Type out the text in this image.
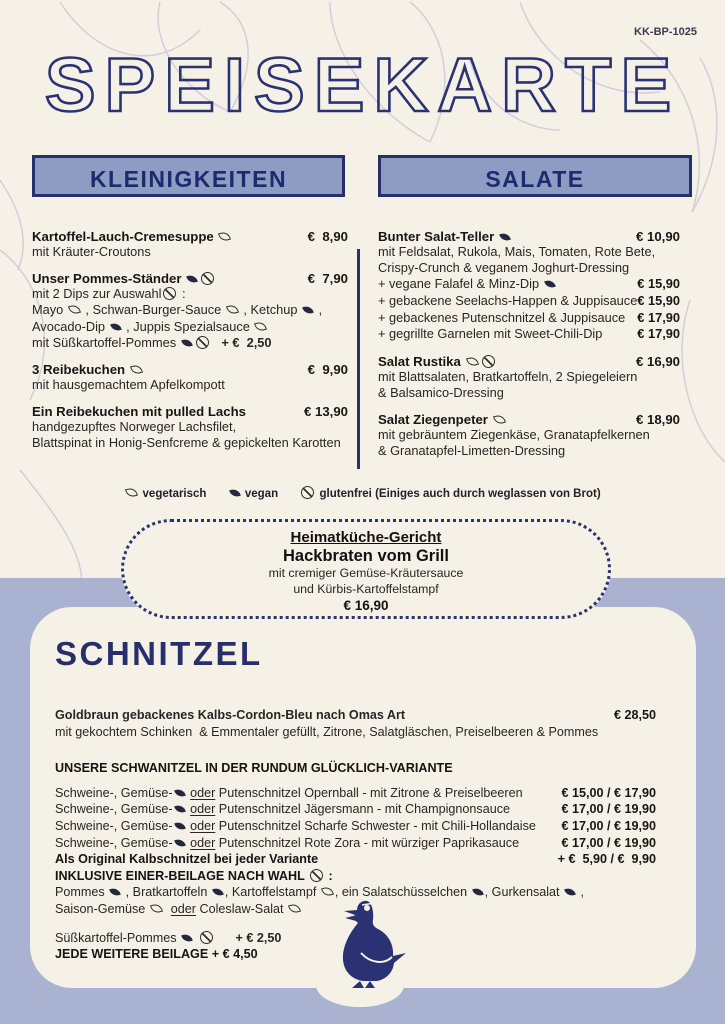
KK-BP-1025
SPEISEKARTE
KLEINIGKEITEN	SALATE
Kartoffel-Lauch-Cremesuppe	€  8,90
mit Kräuter-Croutons
Unser Pommes-Ständer	€  7,90
mit 2 Dips zur Auswahl :
Mayo  , Schwan-Burger-Sauce  , Ketchup  ,
Avocado-Dip  , Juppis Spezialsauce
mit Süßkartoffel-Pommes	+ €  2,50
3 Reibekuchen	€  9,90
mit hausgemachtem Apfelkompott
Ein Reibekuchen mit pulled Lachs	€ 13,90
handgezupftes Norweger Lachsfilet,
Blattspinat in Honig-Senfcreme & gepickelten Karotten
Bunter Salat-Teller	€ 10,90
mit Feldsalat, Rukola, Mais, Tomaten, Rote Bete,
Crispy-Crunch & veganem Joghurt-Dressing
+ vegane Falafel & Minz-Dip	€ 15,90
+ gebackene Seelachs-Happen & Juppisauce € 15,90
+ gebackenes Putenschnitzel & Juppisauce € 17,90
+ gegrillte Garnelen mit Sweet-Chili-Dip	€ 17,90
Salat Rustika	€ 16,90
mit Blattsalaten, Bratkartoffeln, 2 Spiegeleiern
& Balsamico-Dressing
Salat Ziegenpeter	€ 18,90
mit gebräuntem Ziegenkäse, Granatapfelkernen
& Granatapfel-Limetten-Dressing
vegetarisch	vegan	glutenfrei (Einiges auch durch weglassen von Brot)
SCHNITZEL
Goldbraun gebackenes Kalbs-Cordon-Bleu nach Omas Art	€ 28,50
mit gekochtem Schinken  & Emmentaler gefüllt, Zitrone, Salatgläschen, Preiselbeeren & Pommes
UNSERE SCHWANITZEL IN DER RUNDUM GLÜCKLICH-VARIANTE
Schweine-, Gemüse- oder Putenschnitzel Opernball - mit Zitrone & Preiselbeeren	€ 15,00 / € 17,90
Schweine-, Gemüse- oder Putenschnitzel Jägersmann - mit Champignonsauce	€ 17,00 / € 19,90
Schweine-, Gemüse- oder Putenschnitzel Scharfe Schwester - mit Chili-Hollandaise € 17,00 / € 19,90
Schweine-, Gemüse- oder Putenschnitzel Rote Zora - mit würziger Paprikasauce	€ 17,00 / € 19,90
Als Original Kalbschnitzel bei jeder Variante	+ €  5,90 / €  9,90
INKLUSIVE EINER-BEILAGE NACH WAHL  :
Pommes  , Bratkartoffeln , Kartoffelstampf , ein Salatschüsselchen , Gurkensalat  ,
Saison-Gemüse   oder Coleslaw-Salat
Süßkartoffel-Pommes	+ € 2,50
JEDE WEITERE BEILAGE + € 4,50
Heimatküche-Gericht
Hackbraten vom Grill
mit cremiger Gemüse-Kräutersauce
und Kürbis-Kartoffelstampf
€ 16,90
